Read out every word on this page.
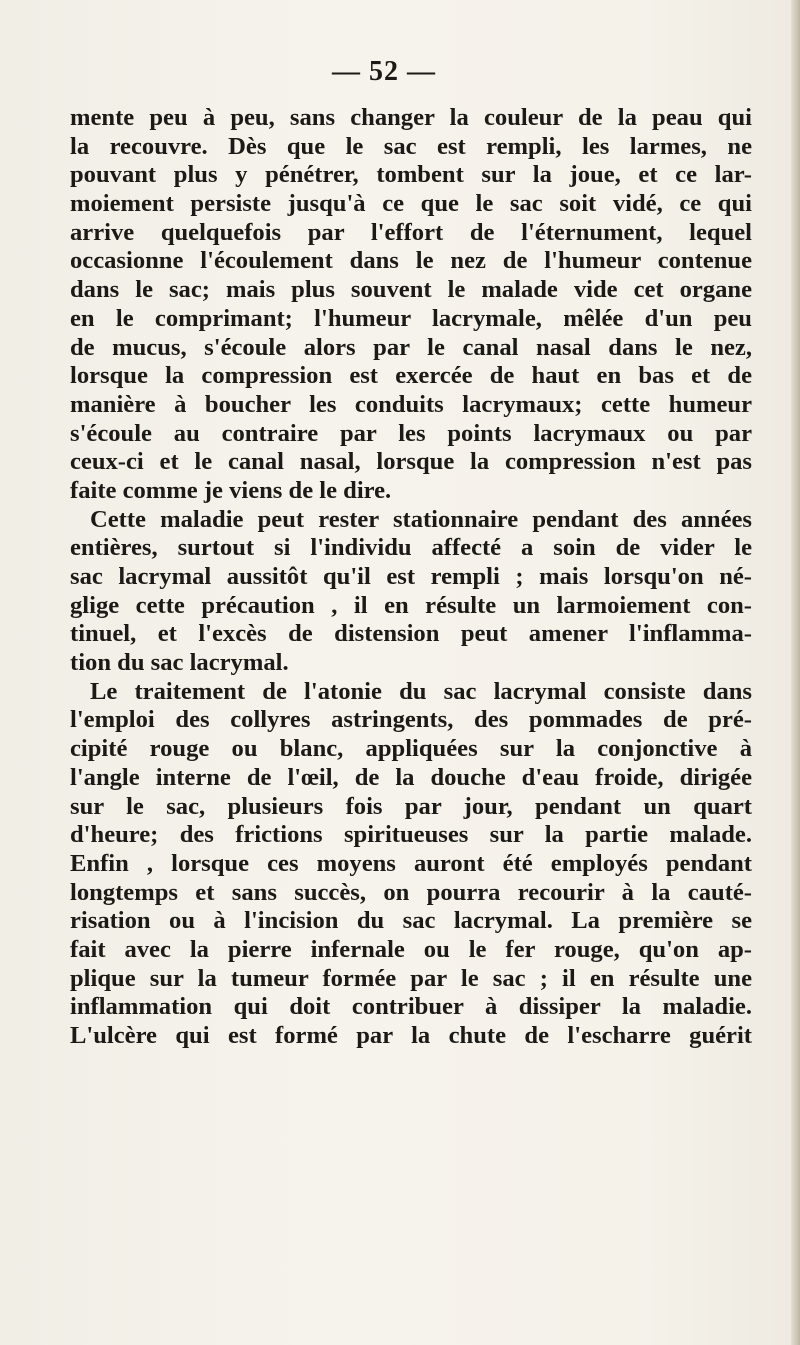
— 52 —
mente peu à peu, sans changer la couleur de la peau qui
la recouvre. Dès que le sac est rempli, les larmes, ne
pouvant plus y pénétrer, tombent sur la joue, et ce lar-
moiement persiste jusqu'à ce que le sac soit vidé, ce qui
arrive quelquefois par l'effort de l'éternument, lequel
occasionne l'écoulement dans le nez de l'humeur contenue
dans le sac; mais plus souvent le malade vide cet organe
en le comprimant; l'humeur lacrymale, mêlée d'un peu
de mucus, s'écoule alors par le canal nasal dans le nez,
lorsque la compression est exercée de haut en bas et de
manière à boucher les conduits lacrymaux; cette humeur
s'écoule au contraire par les points lacrymaux ou par
ceux-ci et le canal nasal, lorsque la compression n'est pas
faite comme je viens de le dire.
Cette maladie peut rester stationnaire pendant des années
entières, surtout si l'individu affecté a soin de vider le
sac lacrymal aussitôt qu'il est rempli ; mais lorsqu'on né-
glige cette précaution , il en résulte un larmoiement con-
tinuel, et l'excès de distension peut amener l'inflamma-
tion du sac lacrymal.
Le traitement de l'atonie du sac lacrymal consiste dans
l'emploi des collyres astringents, des pommades de pré-
cipité rouge ou blanc, appliquées sur la conjonctive à
l'angle interne de l'œil, de la douche d'eau froide, dirigée
sur le sac, plusieurs fois par jour, pendant un quart
d'heure; des frictions spiritueuses sur la partie malade.
Enfin , lorsque ces moyens auront été employés pendant
longtemps et sans succès, on pourra recourir à la cauté-
risation ou à l'incision du sac lacrymal. La première se
fait avec la pierre infernale ou le fer rouge, qu'on ap-
plique sur la tumeur formée par le sac ; il en résulte une
inflammation qui doit contribuer à dissiper la maladie.
L'ulcère qui est formé par la chute de l'escharre guérit
